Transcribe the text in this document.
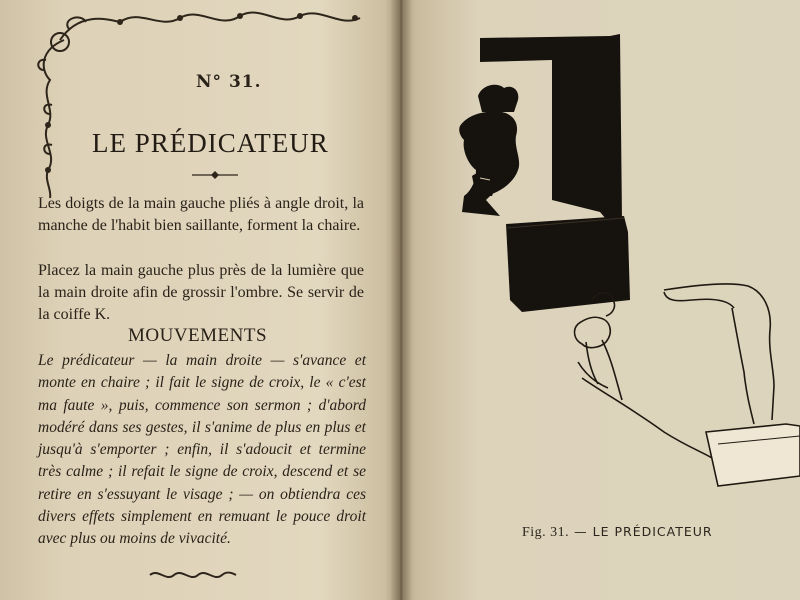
N° 31.
LE PRÉDICATEUR
Les doigts de la main gauche pliés à angle droit, la manche de l'habit bien saillante, forment la chaire.
Placez la main gauche plus près de la lumière que la main droite afin de grossir l'ombre. Se servir de la coiffe K.
MOUVEMENTS
Le prédicateur — la main droite — s'avance et monte en chaire ; il fait le signe de croix, le « c'est ma faute », puis, commence son sermon ; d'abord modéré dans ses gestes, il s'anime de plus en plus et jusqu'à s'emporter ; enfin, il s'adoucit et termine très calme ; il refait le signe de croix, descend et se retire en s'essuyant le visage ; — on obtiendra ces divers effets simplement en remuant le pouce droit avec plus ou moins de vivacité.	Fig. 31. — LE PRÉDICATEUR
